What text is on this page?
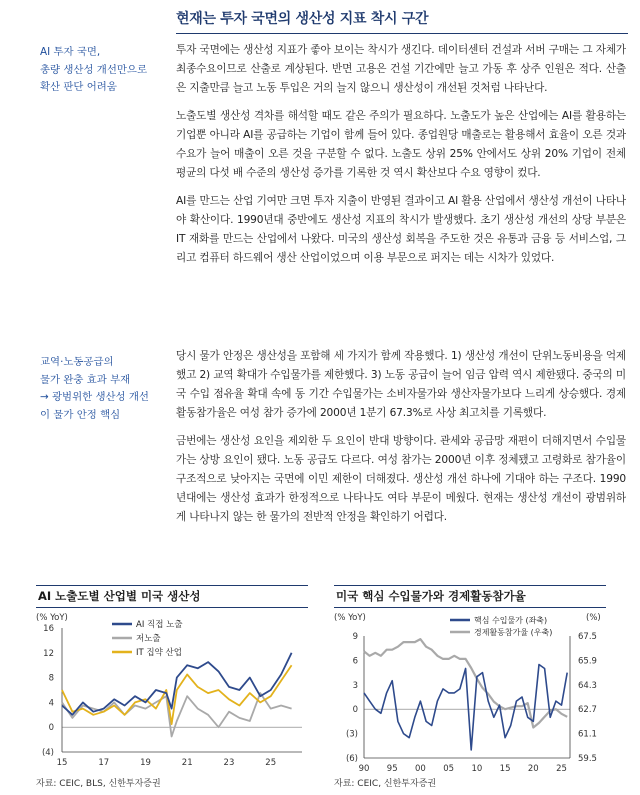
현재는 투자 국면의 생산성 지표 착시 구간
AI 투자 국면,
총량 생산성 개선만으로
확산 판단 어려움
교역·노동공급의
물가 완충 효과 부재
→ 광범위한 생산성 개선
이 물가 안정 핵심

투자 국면에는 생산성 지표가 좋아 보이는 착시가 생긴다. 데이터센터 건설과 서버 구매는 그 자체가 최종수요이므로 산출로 계상된다. 반면 고용은 건설 기간에만 늘고 가동 후 상주 인원은 적다. 산출은 지출만큼 늘고 노동 투입은 거의 늘지 않으니 생산성이 개선된 것처럼 나타난다.

노출도별 생산성 격차를 해석할 때도 같은 주의가 필요하다. 노출도가 높은 산업에는 AI를 활용하는 기업뿐 아니라 AI를 공급하는 기업이 함께 들어 있다. 종업원당 매출로는 활용해서 효율이 오른 것과 수요가 늘어 매출이 오른 것을 구분할 수 없다. 노출도 상위 25% 안에서도 상위 20% 기업이 전체 평균의 다섯 배 수준의 생산성 증가를 기록한 것 역시 확산보다 수요 영향이 컸다.

AI를 만드는 산업 기여만 크면 투자 지출이 반영된 결과이고 AI 활용 산업에서 생산성 개선이 나타나야 확산이다. 1990년대 중반에도 생산성 지표의 착시가 발생했다. 초기 생산성 개선의 상당 부분은 IT 재화를 만드는 산업에서 나왔다. 미국의 생산성 회복을 주도한 것은 유통과 금융 등 서비스업, 그리고 컴퓨터 하드웨어 생산 산업이었으며 이용 부문으로 퍼지는 데는 시차가 있었다.

당시 물가 안정은 생산성을 포함해 세 가지가 함께 작용했다. 1) 생산성 개선이 단위노동비용을 억제했고 2) 교역 확대가 수입물가를 제한했다. 3) 노동 공급이 늘어 임금 압력 역시 제한됐다. 중국의 미국 수입 점유율 확대 속에 동 기간 수입물가는 소비자물가와 생산자물가보다 느리게 상승했다. 경제활동참가율은 여성 참가 증가에 2000년 1분기 67.3%로 사상 최고치를 기록했다.

금번에는 생산성 요인을 제외한 두 요인이 반대 방향이다. 관세와 공급망 재편이 더해지면서 수입물가는 상방 요인이 됐다. 노동 공급도 다르다. 여성 참가는 2000년 이후 정체됐고 고령화로 참가율이 구조적으로 낮아지는 국면에 이민 제한이 더해졌다. 생산성 개선 하나에 기대야 하는 구조다. 1990년대에는 생산성 효과가 한정적으로 나타나도 여타 부문이 메웠다. 현재는 생산성 개선이 광범위하게 나타나지 않는 한 물가의 전반적 안정을 확인하기 어렵다.

AI 노출도별 산업별 미국 생산성
(% YoY)
16
12
8
4
0
(4)
15	17	19	21	23	25
AI 직접 노출
저노출
IT 집약 산업
자료: CEIC, BLS, 신한투자증권
미국 핵심 수입물가와 경제활동참가율
(% YoY)	(%)
9
6
3
0
(3)
(6)
67.5
65.9
64.3
62.7
61.1
59.5
90 95 00 05 10 15 20 25
핵심 수입물가 (좌축)
경제활동참가율 (우축)
자료: CEIC, 신한투자증권
